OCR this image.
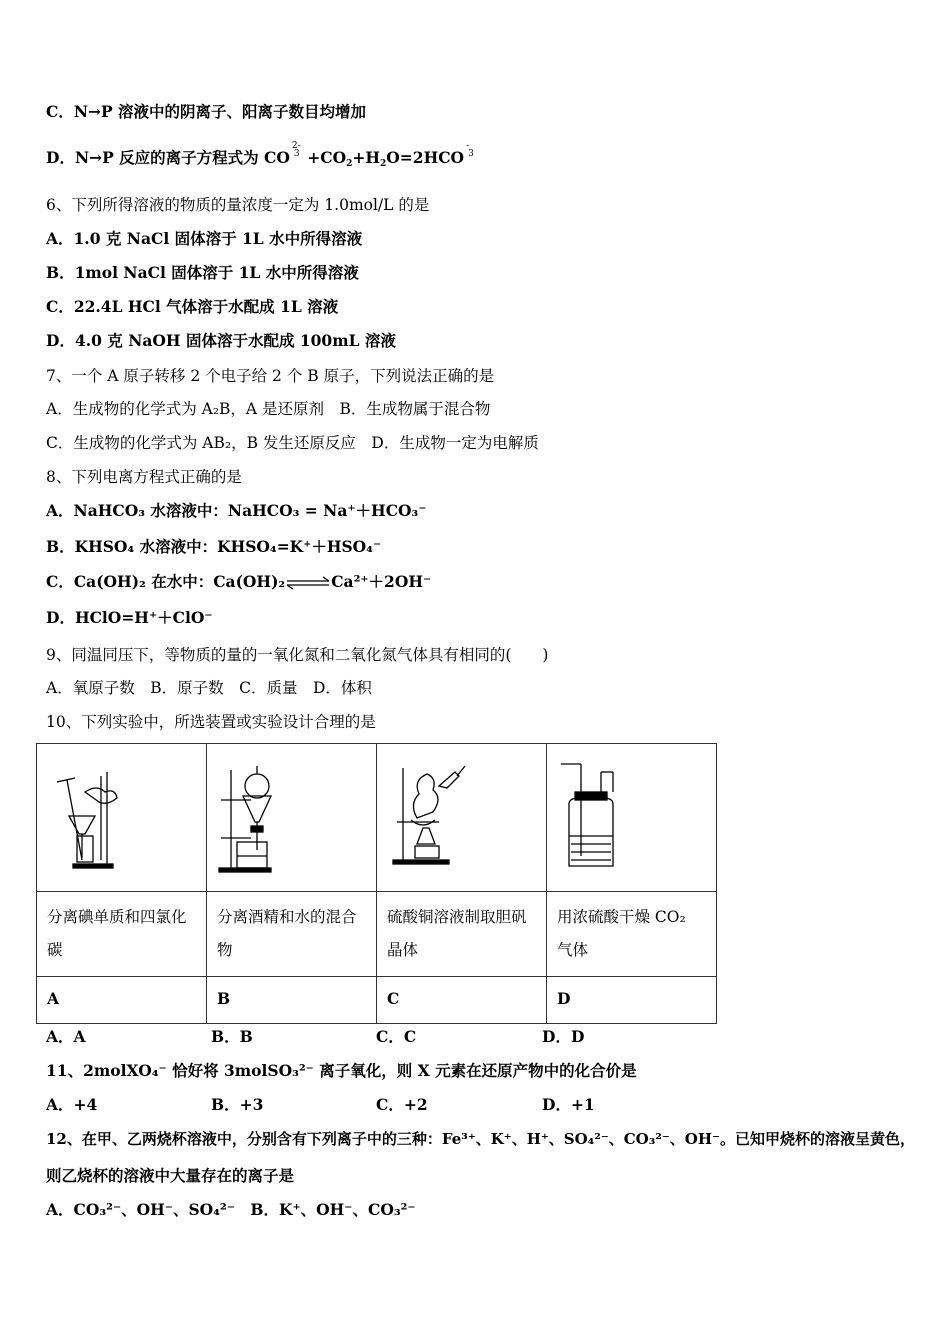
C．N→P 溶液中的阴离子、阳离子数目均增加
D．N→P 反应的离子方程式为 CO
2-
$3 +CO_2+H_2O=2HCO$
-
3
6、下列所得溶液的物质的量浓度一定为 1.0mol/L 的是
A．1.0 克 NaCl 固体溶于 1L 水中所得溶液
B．1mol NaCl 固体溶于 1L 水中所得溶液
C．22.4L HCl 气体溶于水配成 1L 溶液
D．4.0 克 NaOH 固体溶于水配成 100mL 溶液
7、一个 A 原子转移 2 个电子给 2 个 B 原子，下列说法正确的是
A．生成物的化学式为 A₂B，A 是还原剂　B．生成物属于混合物
C．生成物的化学式为 AB₂，B 发生还原反应　D．生成物一定为电解质
8、下列电离方程式正确的是
A．NaHCO₃ 水溶液中：NaHCO₃ = Na⁺＋HCO₃⁻
B．KHSO₄ 水溶液中：KHSO₄=K⁺＋HSO₄⁻
C．Ca(OH)₂ 在水中：Ca(OH)₂⇌Ca²⁺＋2OH⁻
D．HClO=H⁺＋ClO⁻
9、同温同压下，等物质的量的一氧化氮和二氧化氮气体具有相同的(　　)
A．氧原子数　B．原子数　C．质量　D．体积
10、下列实验中，所选装置或实验设计合理的是

分离碘单质和四氯化碳	分离酒精和水的混合物	硫酸铜溶液制取胆矾晶体	用浓硫酸干燥 CO₂ 气体

A	B	C	D
A．A	B．B	C．C	D．D
11、2molXO₄⁻ 恰好将 3molSO₃²⁻ 离子氧化，则 X 元素在还原产物中的化合价是
A．+4	B．+3	C．+2	D．+1
12、在甲、乙两烧杯溶液中，分别含有下列离子中的三种：Fe³⁺、K⁺、H⁺、SO₄²⁻、CO₃²⁻、OH⁻。已知甲烧杯的溶液呈黄色，
则乙烧杯的溶液中大量存在的离子是
A．CO₃²⁻、OH⁻、SO₄²⁻　B．K⁺、OH⁻、CO₃²⁻
